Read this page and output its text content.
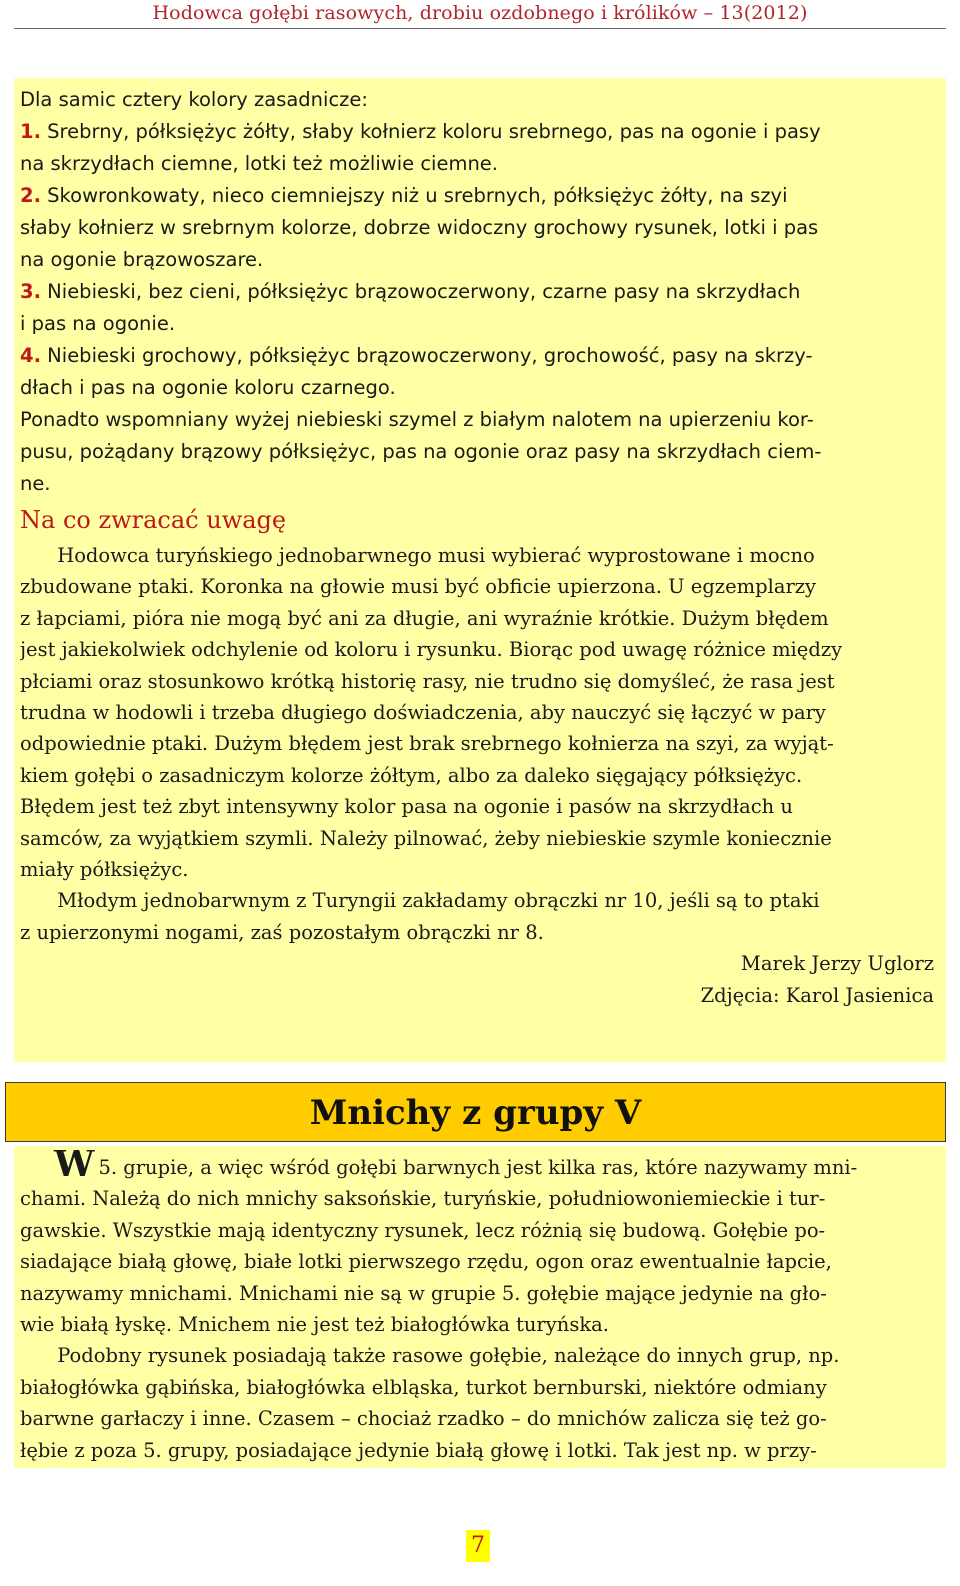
Hodowca gołębi rasowych, drobiu ozdobnego i królików – 13(2012)
Dla samic cztery kolory zasadnicze:
1. Srebrny, półksiężyc żółty, słaby kołnierz koloru srebrnego, pas na ogonie i pasy
na skrzydłach ciemne, lotki też możliwie ciemne.
2. Skowronkowaty, nieco ciemniejszy niż u srebrnych, półksiężyc żółty, na szyi
słaby kołnierz w srebrnym kolorze, dobrze widoczny grochowy rysunek, lotki i pas
na ogonie brązowoszare.
3. Niebieski, bez cieni, półksiężyc brązowoczerwony, czarne pasy na skrzydłach
i pas na ogonie.
4. Niebieski grochowy, półksiężyc brązowoczerwony, grochowość, pasy na skrzy-
dłach i pas na ogonie koloru czarnego.
Ponadto wspomniany wyżej niebieski szymel z białym nalotem na upierzeniu kor-
pusu, pożądany brązowy półksiężyc, pas na ogonie oraz pasy na skrzydłach ciem-
ne.
Na co zwracać uwagę
Hodowca turyńskiego jednobarwnego musi wybierać wyprostowane i mocno
zbudowane ptaki. Koronka na głowie musi być obficie upierzona. U egzemplarzy
z łapciami, pióra nie mogą być ani za długie, ani wyraźnie krótkie. Dużym błędem
jest jakiekolwiek odchylenie od koloru i rysunku. Biorąc pod uwagę różnice między
płciami oraz stosunkowo krótką historię rasy, nie trudno się domyśleć, że rasa jest
trudna w hodowli i trzeba długiego doświadczenia, aby nauczyć się łączyć w pary
odpowiednie ptaki. Dużym błędem jest brak srebrnego kołnierza na szyi, za wyjąt-
kiem gołębi o zasadniczym kolorze żółtym, albo za daleko sięgający półksiężyc.
Błędem jest też zbyt intensywny kolor pasa na ogonie i pasów na skrzydłach u
samców, za wyjątkiem szymli. Należy pilnować, żeby niebieskie szymle koniecznie
miały półksiężyc.
Młodym jednobarwnym z Turyngii zakładamy obrączki nr 10, jeśli są to ptaki
z upierzonymi nogami, zaś pozostałym obrączki nr 8.
Marek Jerzy Uglorz
Zdjęcia: Karol Jasienica
Mnichy z grupy V
W 5. grupie, a więc wśród gołębi barwnych jest kilka ras, które nazywamy mni-
chami. Należą do nich mnichy saksońskie, turyńskie, południowoniemieckie i tur-
gawskie. Wszystkie mają identyczny rysunek, lecz różnią się budową. Gołębie po-
siadające białą głowę, białe lotki pierwszego rzędu, ogon oraz ewentualnie łapcie,
nazywamy mnichami. Mnichami nie są w grupie 5. gołębie mające jedynie na gło-
wie białą łyskę. Mnichem nie jest też białogłówka turyńska.
Podobny rysunek posiadają także rasowe gołębie, należące do innych grup, np.
białogłówka gąbińska, białogłówka elbląska, turkot bernburski, niektóre odmiany
barwne garłaczy i inne. Czasem – chociaż rzadko – do mnichów zalicza się też go-
łębie z poza 5. grupy, posiadające jedynie białą głowę i lotki. Tak jest np. w przy-
7
